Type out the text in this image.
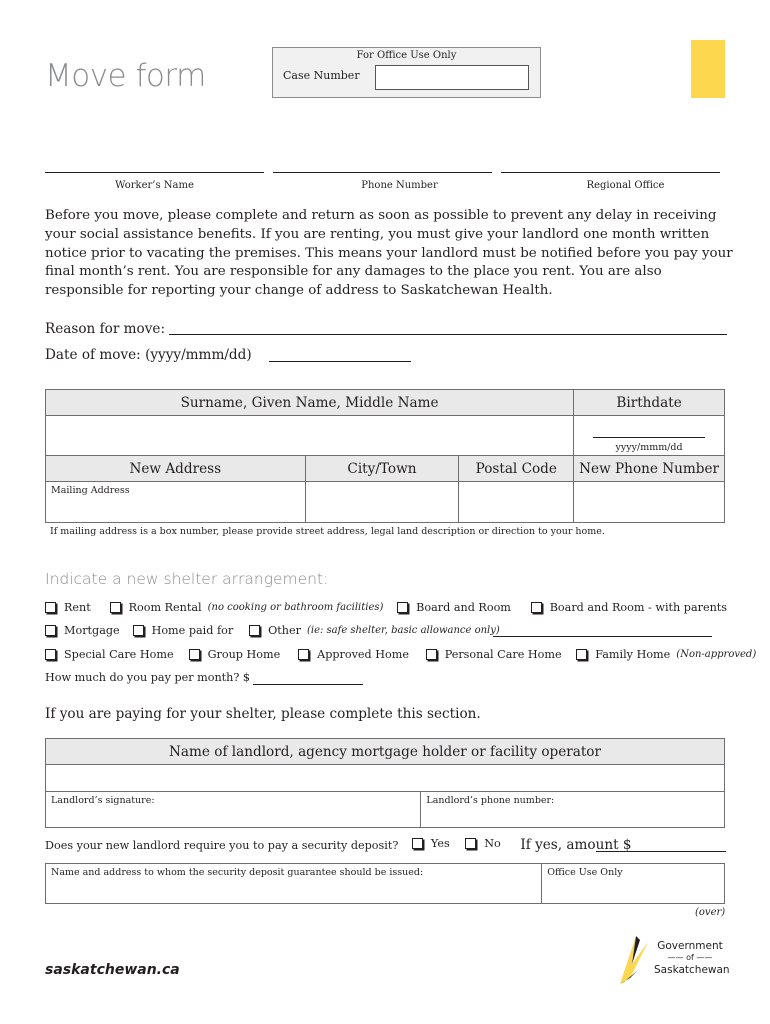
Move form
For Office Use Only
Case Number
Worker’s Name	Phone Number	Regional Office
Before you move, please complete and return as soon as possible to prevent any delay in receiving your social assistance benefits. If you are renting, you must give your landlord one month written notice prior to vacating the premises. This means your landlord must be notified before you pay your final month’s rent. You are responsible for any damages to the place you rent. You are also responsible for reporting your change of address to Saskatchewan Health.
Reason for move:
Date of move: (yyyy/mmm/dd)
Surname, Given Name, Middle Name	Birthdate

	yyyy/mmm/dd
New Address	City/Town	Postal Code	New Phone Number
Mailing Address			
If mailing address is a box number, please provide street address, legal land description or direction to your home.
Indicate a new shelter arrangement:
Rent
	Room Rental (no cooking or bathroom facilities)
	Board and Room
	Board and Room - with parents
Mortgage
	Home paid for
	Other (ie: safe shelter, basic allowance only)
Special Care Home
	Group Home
	Approved Home
	Personal Care Home
	Family Home (Non-approved)
How much do you pay per month? $
If you are paying for your shelter, please complete this section.
Name of landlord, agency mortgage holder or facility operator

Landlord’s signature:	Landlord’s phone number:
Does your new landlord require you to pay a security deposit?	Yes
	No If yes, amount $
Name and address to whom the security deposit guarantee should be issued:	Office Use Only
(over)
saskatchewan.ca
Government
—— of ——
Saskatchewan
